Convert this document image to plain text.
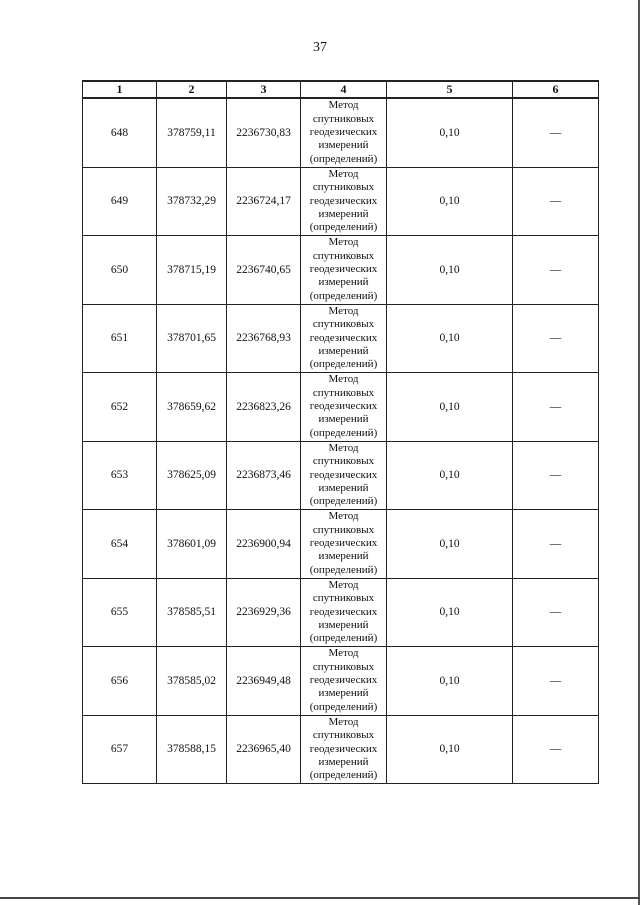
37
1	2	3	4	5	6
648	378759,11	2236730,83	Метод
спутниковых
геодезических
измерений
(определений)	0,10	—
649	378732,29	2236724,17	Метод
спутниковых
геодезических
измерений
(определений)	0,10	—
650	378715,19	2236740,65	Метод
спутниковых
геодезических
измерений
(определений)	0,10	—
651	378701,65	2236768,93	Метод
спутниковых
геодезических
измерений
(определений)	0,10	—
652	378659,62	2236823,26	Метод
спутниковых
геодезических
измерений
(определений)	0,10	—
653	378625,09	2236873,46	Метод
спутниковых
геодезических
измерений
(определений)	0,10	—
654	378601,09	2236900,94	Метод
спутниковых
геодезических
измерений
(определений)	0,10	—
655	378585,51	2236929,36	Метод
спутниковых
геодезических
измерений
(определений)	0,10	—
656	378585,02	2236949,48	Метод
спутниковых
геодезических
измерений
(определений)	0,10	—
657	378588,15	2236965,40	Метод
спутниковых
геодезических
измерений
(определений)	0,10	—
